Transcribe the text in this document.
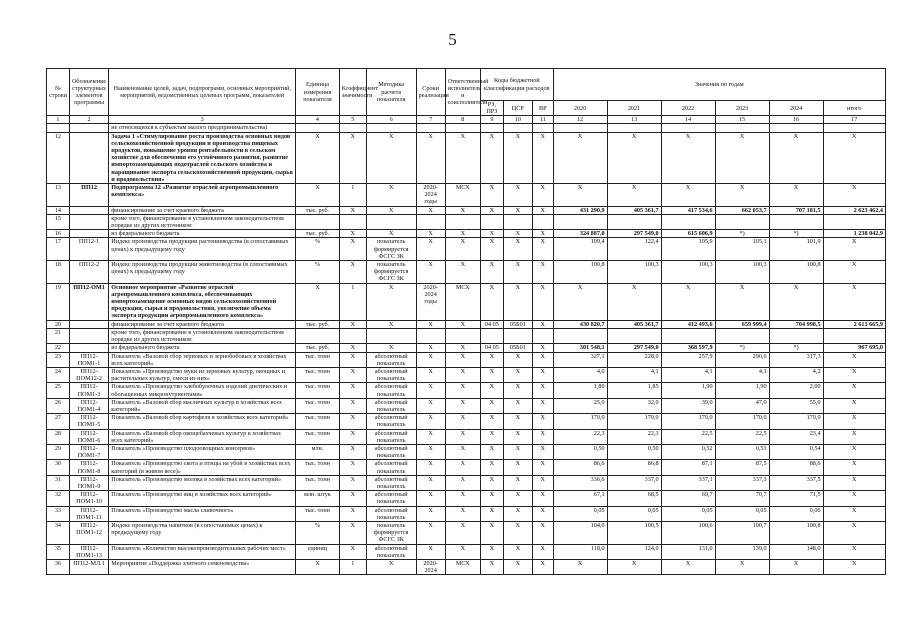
5
№ строки	Обозначение структурных элементов программы	Наименование целей, задач, подпрограмм, основных мероприятий, мероприятий, ведомственных целевых программ, показателей	Единица измерения показателя	Коэффициент значимости	Методика расчета показателя	Сроки реализации	Ответственный исполнитель и соисполнители	Коды бюджетной классификации расходов			Значения по годам					
								РЗ, ПРЗ	ЦСР	ВР	2020	2021	2022	2023	2024	итого
1	2	3	4	5	6	7	8	9	10	11	12	13	14	15	16	17
		не относящихся к субъектам малого предпринимательства)														
12		Задача 1 «Стимулирование роста производства основных видов сельскохозяйственной продукции и производства пищевых продуктов, повышение уровня рентабельности в сельском хозяйстве для обеспечения его устойчивого развития, развитие импортозамещающих подотраслей сельского хозяйства и наращивание экспорта сельскохозяйственной продукции, сырья и продовольствия»	X	X	X	X	X	X	X	X	X	X	X	X	X	X
13	ПП12	Подпрограмма 12 «Развитие отраслей агропромышленного комплекса»	X	1	X	2020-2024 годы	МСХ	X	X	X	X	X	X	X	X	X
14		финансирование за счет краевого бюджета	тыс. руб.	X	X	X	X	X	X	X	431 290,9	405 361,7	417 534,6	662 053,7	707 181,5	2 623 462,4
15		кроме того, финансирование в установленном законодательством порядке из других источников:														
16		из федерального бюджета	тыс. руб.	X	X	X	X	X	X	X	324 887,0	297 549,0	615 606,9	*)	*)	1 238 042,9
17	ПП12-1	Индекс производства продукции растениеводства (в сопоставимых ценах) к предыдущему году	%	X	показатель формируется ФСГС ЗК	X	X	X	X	X	109,4	122,4	105,9	105,1	101,9	X
18	ПП12-2	Индекс производства продукции животноводства (в сопоставимых ценах) к предыдущему году	%	X	показатель формируется ФСГС ЗК	X	X	X	X	X	100,8	100,3	100,3	100,3	100,8	X
19	ПП12-ОМ1	Основное мероприятие «Развитие отраслей агропромышленного комплекса, обеспечивающих импортозамещение основных видов сельскохозяйственной продукции, сырья и продовольствия, увеличение объема экспорта продукции агропромышленного комплекса»	X	1	X	2020-2024 годы	МСХ	X	X	X	X	X	X	X	X	X
20		финансирование за счет краевого бюджета	тыс. руб.	X	X	X	X	04 05	05Б01	X	430 820,7	405 361,7	412 493,6	659 999,4	704 990,5	2 613 665,9
21		кроме того, финансирование в установленном законодательством порядке из других источников:														
22		из федерального бюджета	тыс. руб.	X	X	X	X	04 05	05Б01	X	301 548,1	297 549,0	368 597,9	*)	*)	967 695,0
23	ПП12-ПОМ1-1	Показатель «Валовой сбор зерновых и зернобобовых в хозяйствах всех категорий»	тыс. тонн	X	абсолютный показатель	X	X	X	X	X	327,1	228,0	257,9	290,6	317,3	X
24	ПП12-ПОМ12-2	Показатель «Производство муки из зерновых культур, овощных и растительных культур, смеси из них»	тыс. тонн	X	абсолютный показатель	X	X	X	X	X	4,0	4,1	4,1	4,1	4,2	X
25	ПП12-ПОМ1-3	Показатель «Производство хлебобулочных изделий диетических и обогащенных микронутриентами»	тыс. тонн	X	абсолютный показатель	X	X	X	X	X	1,80	1,85	1,90	1,90	2,00	X
26	ПП12-ПОМ1-4	Показатель «Валовой сбор масличных культур в хозяйствах всех категорий»	тыс. тонн	X	абсолютный показатель	X	X	X	X	X	25,0	32,0	39,0	47,0	55,0	X
27	ПП12-ПОМ1-5	Показатель «Валовой сбор картофеля в хозяйствах всех категорий»	тыс. тонн	X	абсолютный показатель	X	X	X	X	X	170,0	170,0	170,0	170,0	170,0	X
28	ПП12-ПОМ1-6	Показатель «Валовой сбор овощебахчевых культур в хозяйствах всех категорий»	тыс. тонн	X	абсолютный показатель	X	X	X	X	X	22,3	22,3	22,5	22,5	23,4	X
29	ПП12-ПОМ1-7	Показатель «Производство плодоовощных консервов»	млн.	X	абсолютный показатель	X	X	X	X	X	0,50	0,50	0,52	0,53	0,54	X
30	ПП12-ПОМ1-8	Показатель «Производство скота и птицы на убой в хозяйствах всех категорий (в живом весе)»	тыс. тонн	X	абсолютный показатель	X	X	X	X	X	86,6	86,8	87,1	87,5	88,6	X
31	ПП12-ПОМ1-9	Показатель «Производство молока в хозяйствах всех категорий»	тыс. тонн	X	абсолютный показатель	X	X	X	X	X	336,6	337,0	337,1	337,3	337,5	X
32	ПП12-ПОМ1-10	Показатель «Производство яиц в хозяйствах всех категорий»	млн. штук	X	абсолютный показатель	X	X	X	X	X	67,1	68,5	69,7	70,7	71,5	X
33	ПП12-ПОМ1-11	Показатель «Производство масла сливочного»	тыс. тонн	X	абсолютный показатель	X	X	X	X	X	0,05	0,05	0,05	0,05	0,06	X
34	ПП12-ПОМ1-12	Индекс производства напитков (в сопоставимых ценах) к предыдущему году	%	X	показатель формируется ФСГС ЗК	X	X	X	X	X	104,0	100,5	100,6	100,7	100,8	X
35	ПП12-ПОМ1-13	Показатель «Количество высокопроизводительных рабочих мест»	единиц	X	абсолютный показатель	X	X	X	X	X	118,0	124,0	131,0	139,0	148,0	X
36	ПП12-МЛ.1	Мероприятие «Поддержка элитного семеноводства»	X	1	X	2020-2024	МСХ	X	X	X	X	X	X	X	X	X
